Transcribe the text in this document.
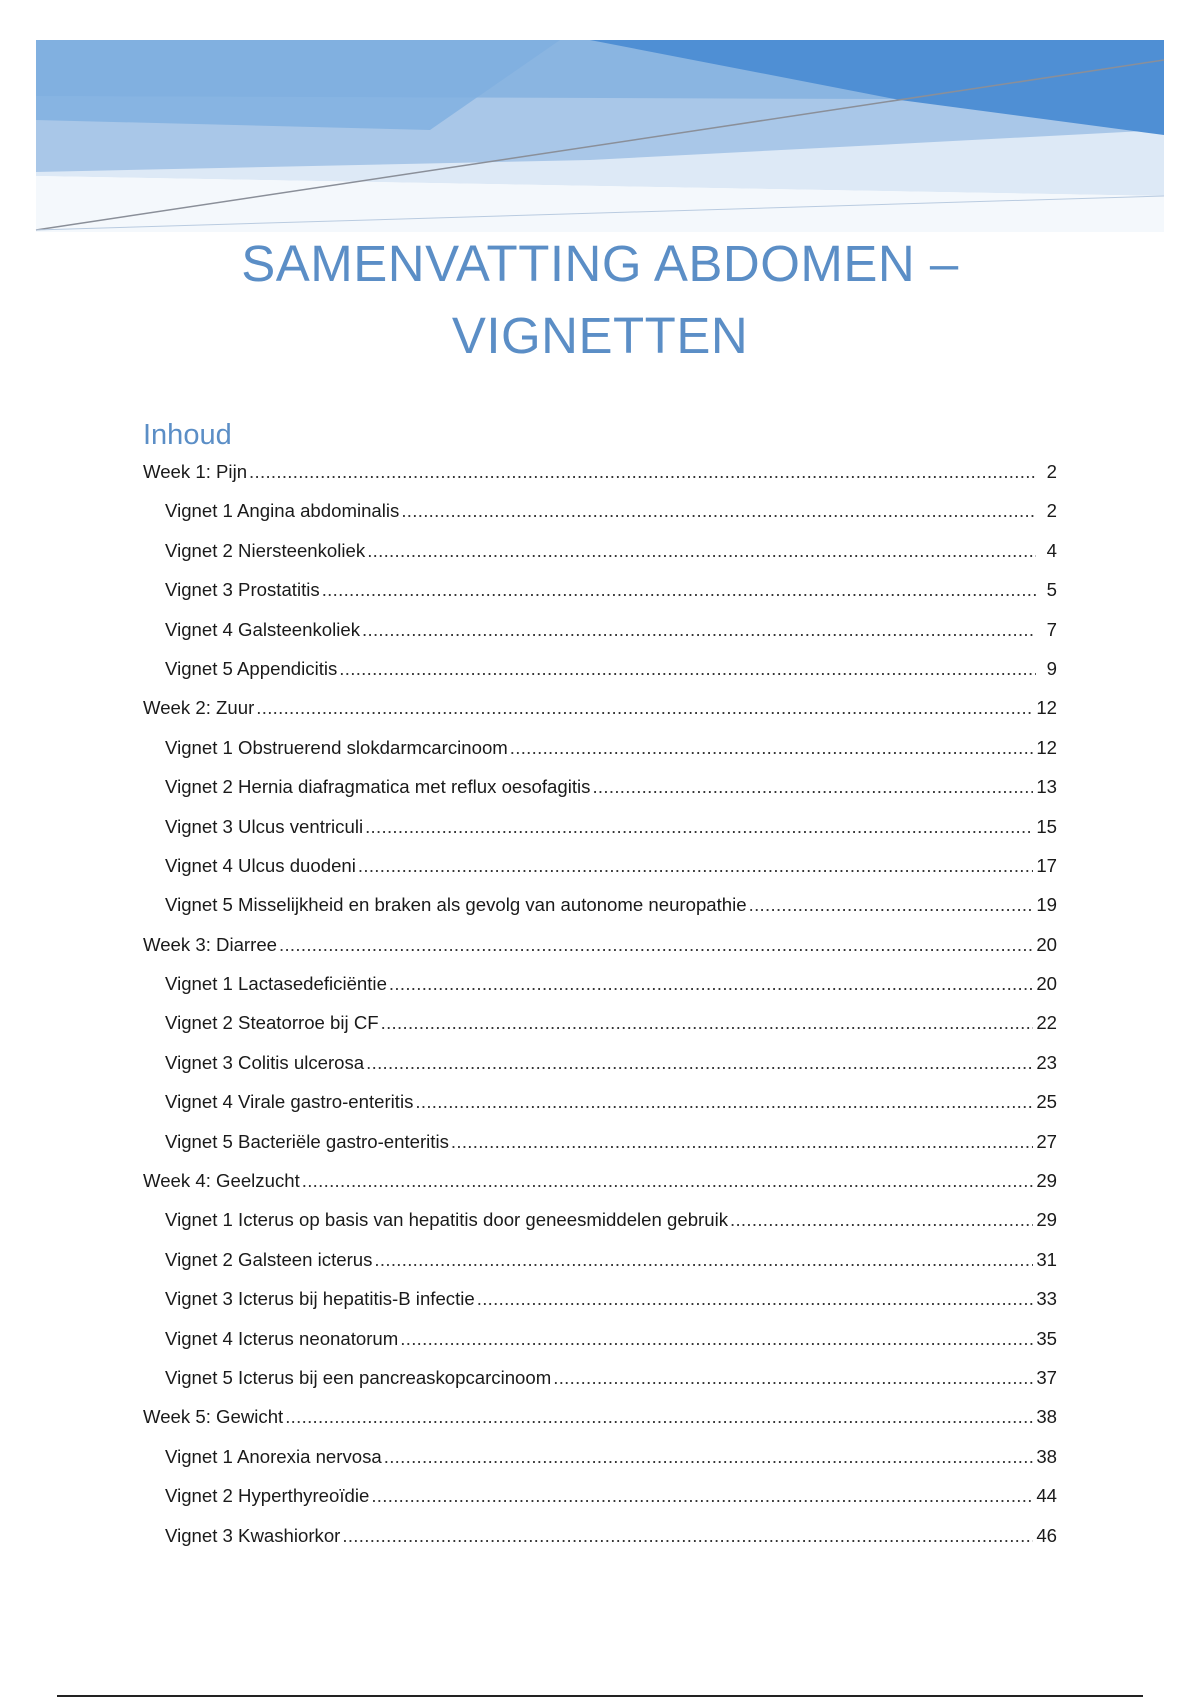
SAMENVATTING ABDOMEN –
VIGNETTEN
Inhoud
Week 1: Pijn .....	2
Vignet 1 Angina abdominalis .....	2
Vignet 2 Niersteenkoliek .....	4
Vignet 3 Prostatitis .....	5
Vignet 4 Galsteenkoliek .....	7
Vignet 5 Appendicitis .....	9
Week 2: Zuur .....	12
Vignet 1 Obstruerend slokdarmcarcinoom .....	12
Vignet 2 Hernia diafragmatica met reflux oesofagitis .....	13
Vignet 3 Ulcus ventriculi .....	15
Vignet 4 Ulcus duodeni .....	17
Vignet 5 Misselijkheid en braken als gevolg van autonome neuropathie .....	19
Week 3: Diarree .....	20
Vignet 1 Lactasedeficiëntie .....	20
Vignet 2 Steatorroe bij CF .....	22
Vignet 3 Colitis ulcerosa .....	23
Vignet 4 Virale gastro-enteritis .....	25
Vignet 5 Bacteriële gastro-enteritis .....	27
Week 4: Geelzucht .....	29
Vignet 1 Icterus op basis van hepatitis door geneesmiddelen gebruik .....	29
Vignet 2 Galsteen icterus .....	31
Vignet 3 Icterus bij hepatitis-B infectie .....	33
Vignet 4 Icterus neonatorum .....	35
Vignet 5 Icterus bij een pancreaskopcarcinoom .....	37
Week 5: Gewicht .....	38
Vignet 1 Anorexia nervosa .....	38
Vignet 2 Hyperthyreoïdie .....	44
Vignet 3 Kwashiorkor .....	46
